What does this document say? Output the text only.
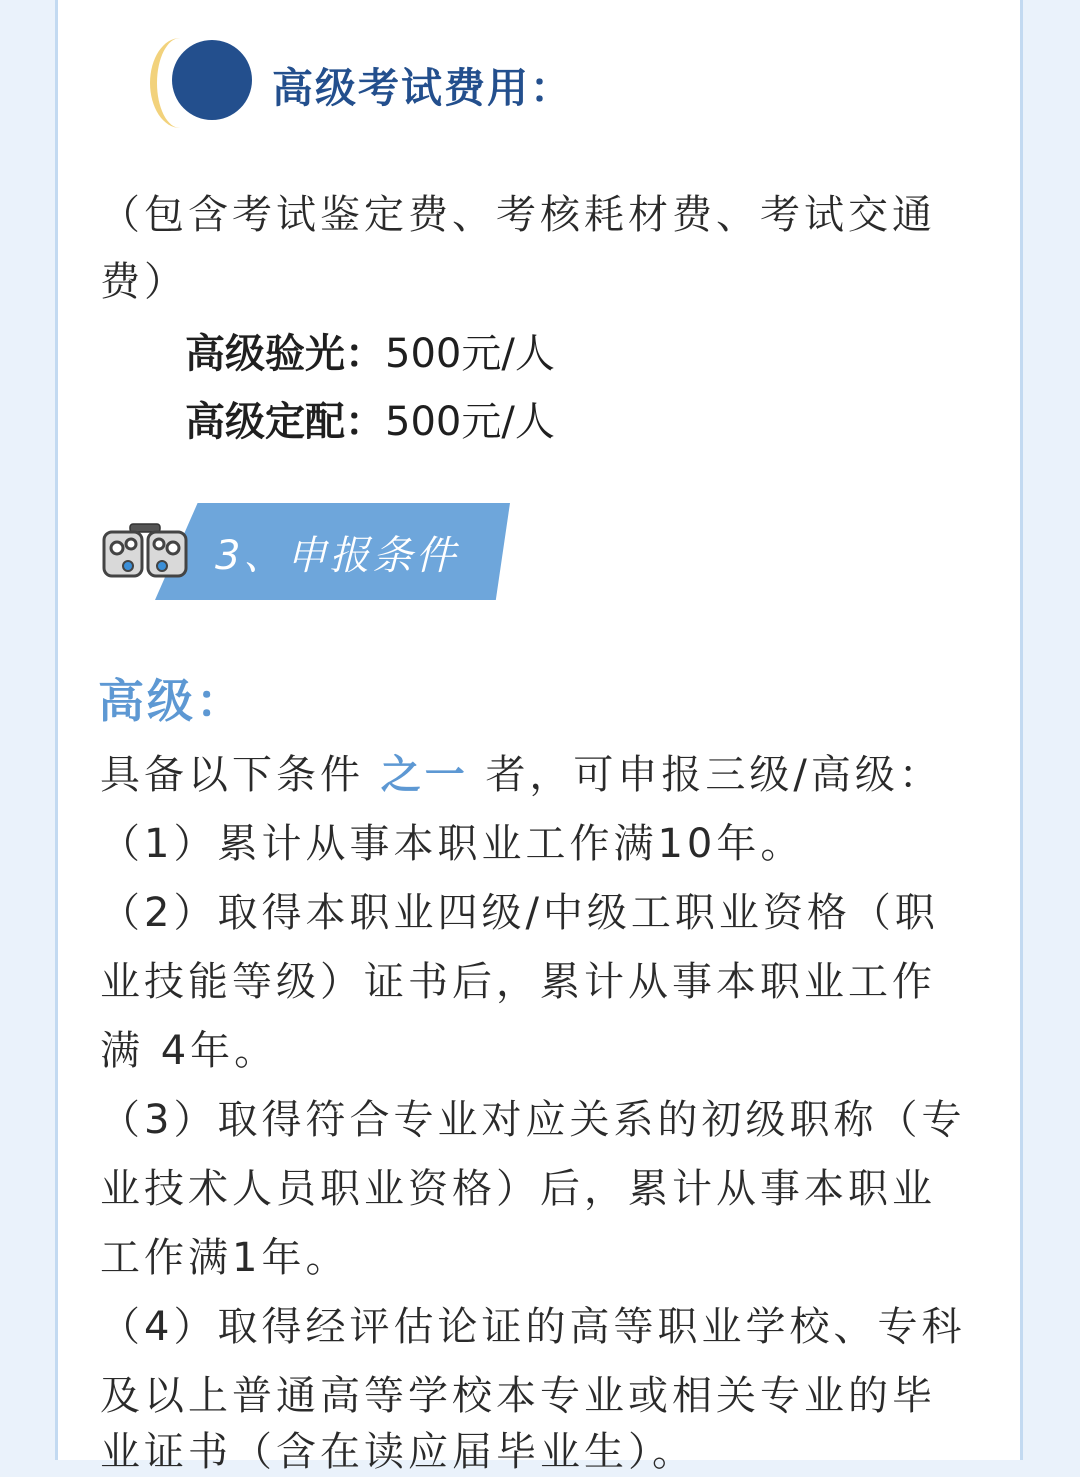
高级考试费用：
（包含考试鉴定费、考核耗材费、考试交通
费）
高级验光：500元/人
高级定配：500元/人
3、申报条件
高级：
具备以下条件 之一 者，可申报三级/高级：
（1）累计从事本职业工作满10年。
（2）取得本职业四级/中级工职业资格（职
业技能等级）证书后，累计从事本职业工作
满 4年。
（3）取得符合专业对应关系的初级职称（专
业技术人员职业资格）后，累计从事本职业
工作满1年。
（4）取得经评估论证的高等职业学校、专科
及以上普通高等学校本专业或相关专业的毕
业证书（含在读应届毕业生）。
